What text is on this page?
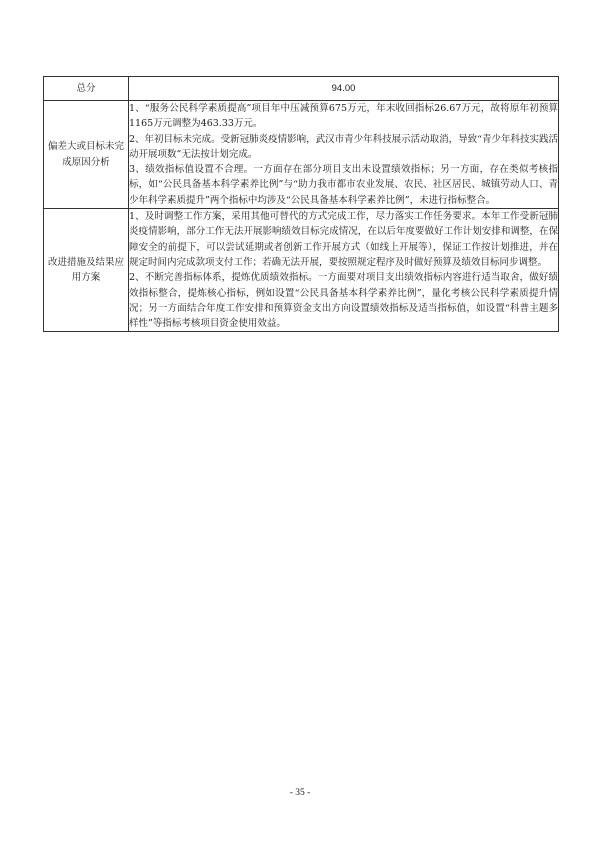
总分	94.00
偏差大或目标未完成原因分析	1、“服务公民科学素质提高”项目年中压减预算675万元，年末收回指标26.67万元，故将原年初预算1165万元调整为463.33万元。

2、年初目标未完成。受新冠肺炎疫情影响，武汉市青少年科技展示活动取消，导致“青少年科技实践活动开展项数”无法按计划完成。

3、绩效指标值设置不合理。一方面存在部分项目支出未设置绩效指标；另一方面，存在类似考核指标，如“公民具备基本科学素养比例”与“助力我市都市农业发展、农民、社区居民、城镇劳动人口、青少年科学素质提升”两个指标中均涉及“公民具备基本科学素养比例”，未进行指标整合。

改进措施及结果应用方案	1、及时调整工作方案，采用其他可替代的方式完成工作，尽力落实工作任务要求。本年工作受新冠肺炎疫情影响，部分工作无法开展影响绩效目标完成情况，在以后年度要做好工作计划安排和调整，在保障安全的前提下，可以尝试延期或者创新工作开展方式（如线上开展等），保证工作按计划推进，并在规定时间内完成款项支付工作；若确无法开展，要按照规定程序及时做好预算及绩效目标同步调整。

2、不断完善指标体系，提炼优质绩效指标。一方面要对项目支出绩效指标内容进行适当取舍，做好绩效指标整合，提炼核心指标，例如设置“公民具备基本科学素养比例”，量化考核公民科学素质提升情况；另一方面结合年度工作安排和预算资金支出方向设置绩效指标及适当指标值，如设置“科普主题多样性”等指标考核项目资金使用效益。

- 35 -
